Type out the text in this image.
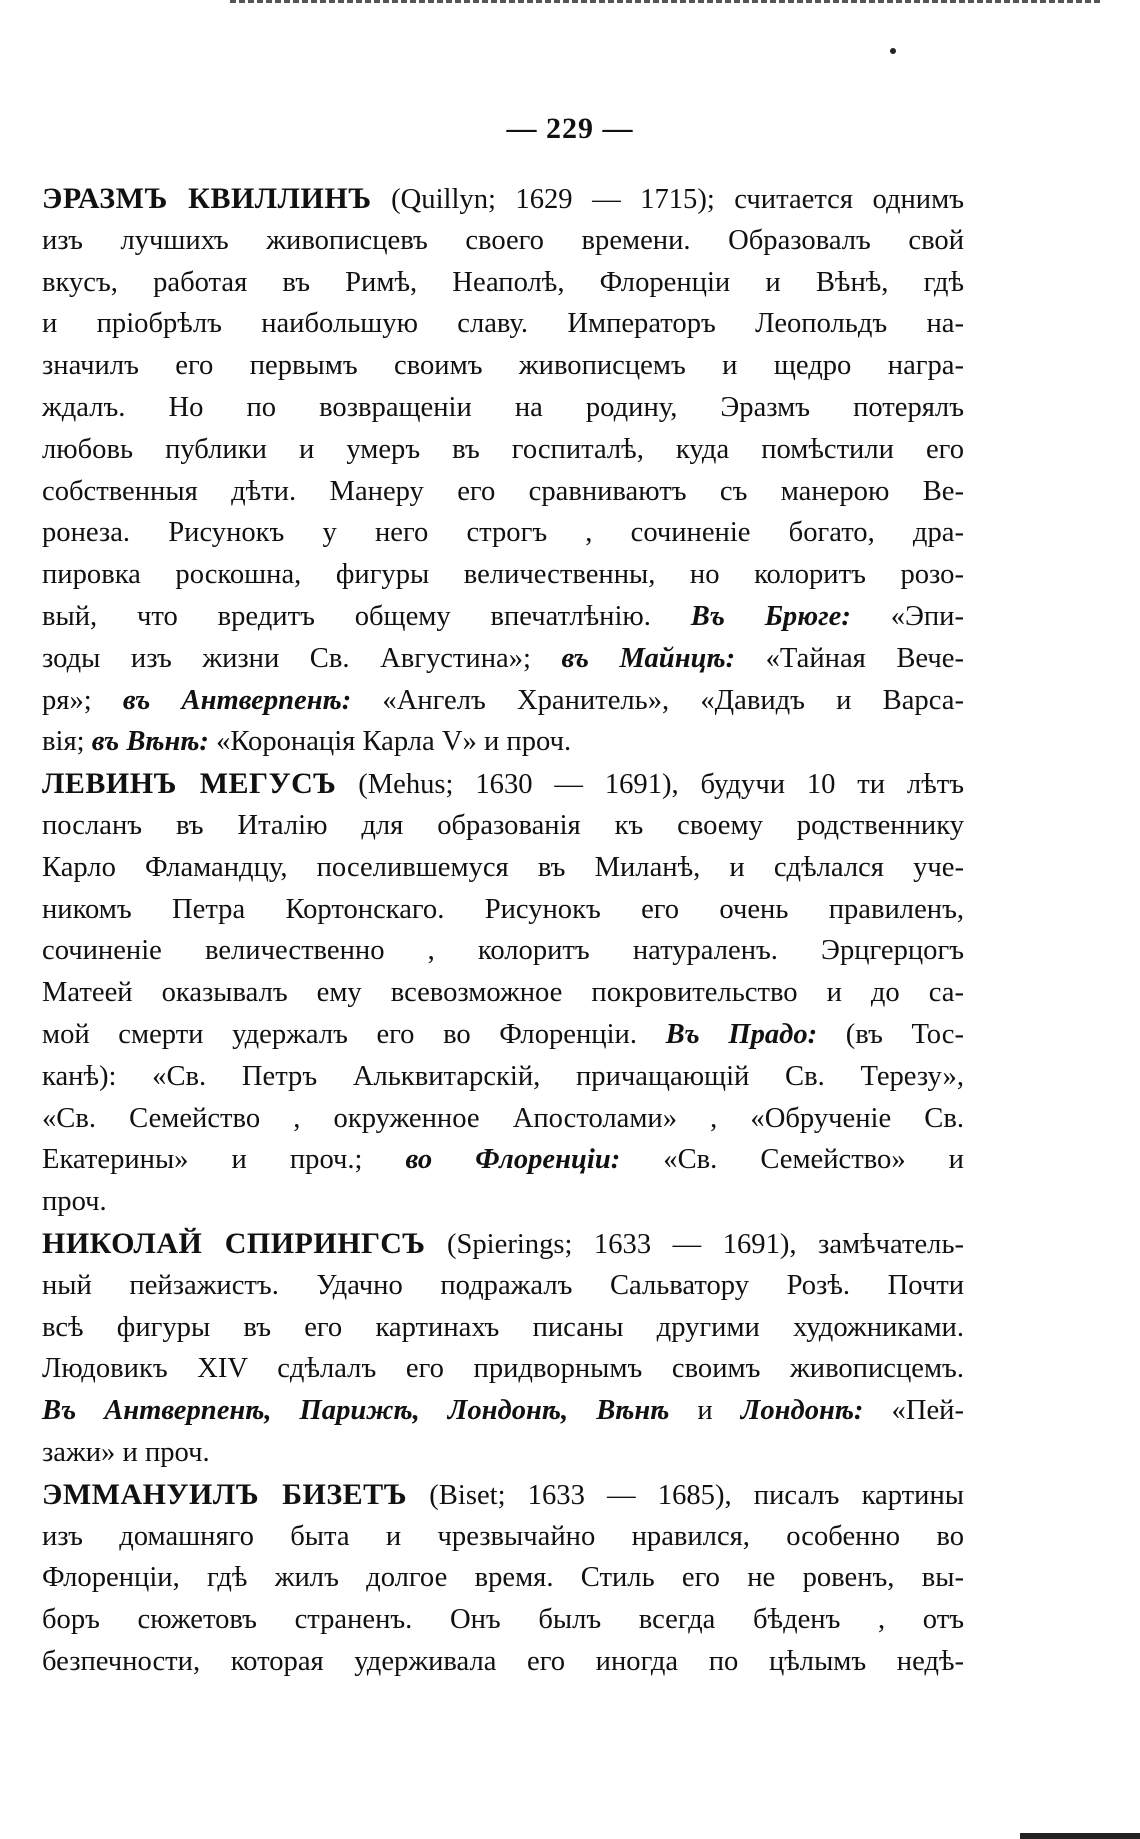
— 229 —
ЭРАЗМЪ КВИЛЛИНЪ (Quillyn; 1629 — 1715); считается однимъ
изъ лучшихъ живописцевъ своего времени. Образовалъ свой
вкусъ, работая въ Римѣ, Неаполѣ, Флоренціи и Вѣнѣ, гдѣ
и пріобрѣлъ наибольшую славу. Императоръ Леопольдъ на-
значилъ его первымъ своимъ живописцемъ и щедро награ-
ждалъ. Но по возвращеніи на родину, Эразмъ потерялъ
любовь публики и умеръ въ госпиталѣ, куда помѣстили его
собственныя дѣти. Манеру его сравниваютъ съ манерою Ве-
ронеза. Рисунокъ у него строгъ , сочиненіе богато, дра-
пировка роскошна, фигуры величественны, но колоритъ розо-
вый, что вредитъ общему впечатлѣнію. Въ Брюге: «Эпи-
зоды изъ жизни Св. Августина»; въ Майнцѣ: «Тайная Вече-
ря»; въ Антверпенѣ: «Ангелъ Хранитель», «Давидъ и Варса-
вія; въ Вѣнѣ: «Коронація Карла V» и проч.
ЛЕВИНЪ МЕГУСЪ (Mehus; 1630 — 1691), будучи 10 ти лѣтъ
посланъ въ Италію для образованія къ своему родственнику
Карло Фламандцу, поселившемуся въ Миланѣ, и сдѣлался уче-
никомъ Петра Кортонскаго. Рисунокъ его очень правиленъ,
сочиненіе величественно , колоритъ натураленъ. Эрцгерцогъ
Матеей оказывалъ ему всевозможное покровительство и до са-
мой смерти удержалъ его во Флоренціи. Въ Прадо: (въ Тос-
канѣ): «Св. Петръ Альквитарскій, причащающій Св. Терезу»,
«Св. Семейство , окруженное Апостолами» , «Обрученіе Св.
Екатерины» и проч.; во Флоренціи: «Св. Семейство» и
проч.
НИКОЛАЙ СПИРИНГСЪ (Spierings; 1633 — 1691), замѣчатель-
ный пейзажистъ. Удачно подражалъ Сальватору Розѣ. Почти
всѣ фигуры въ его картинахъ писаны другими художниками.
Людовикъ XIV сдѣлалъ его придворнымъ своимъ живописцемъ.
Въ Антверпенѣ, Парижѣ, Лондонѣ, Вѣнѣ и Лондонѣ: «Пей-
зажи» и проч.
ЭММАНУИЛЪ БИЗЕТЪ (Biset; 1633 — 1685), писалъ картины
изъ домашняго быта и чрезвычайно нравился, особенно во
Флоренціи, гдѣ жилъ долгое время. Стиль его не ровенъ, вы-
боръ сюжетовъ страненъ. Онъ былъ всегда бѣденъ , отъ
безпечности, которая удерживала его иногда по цѣлымъ недѣ-
